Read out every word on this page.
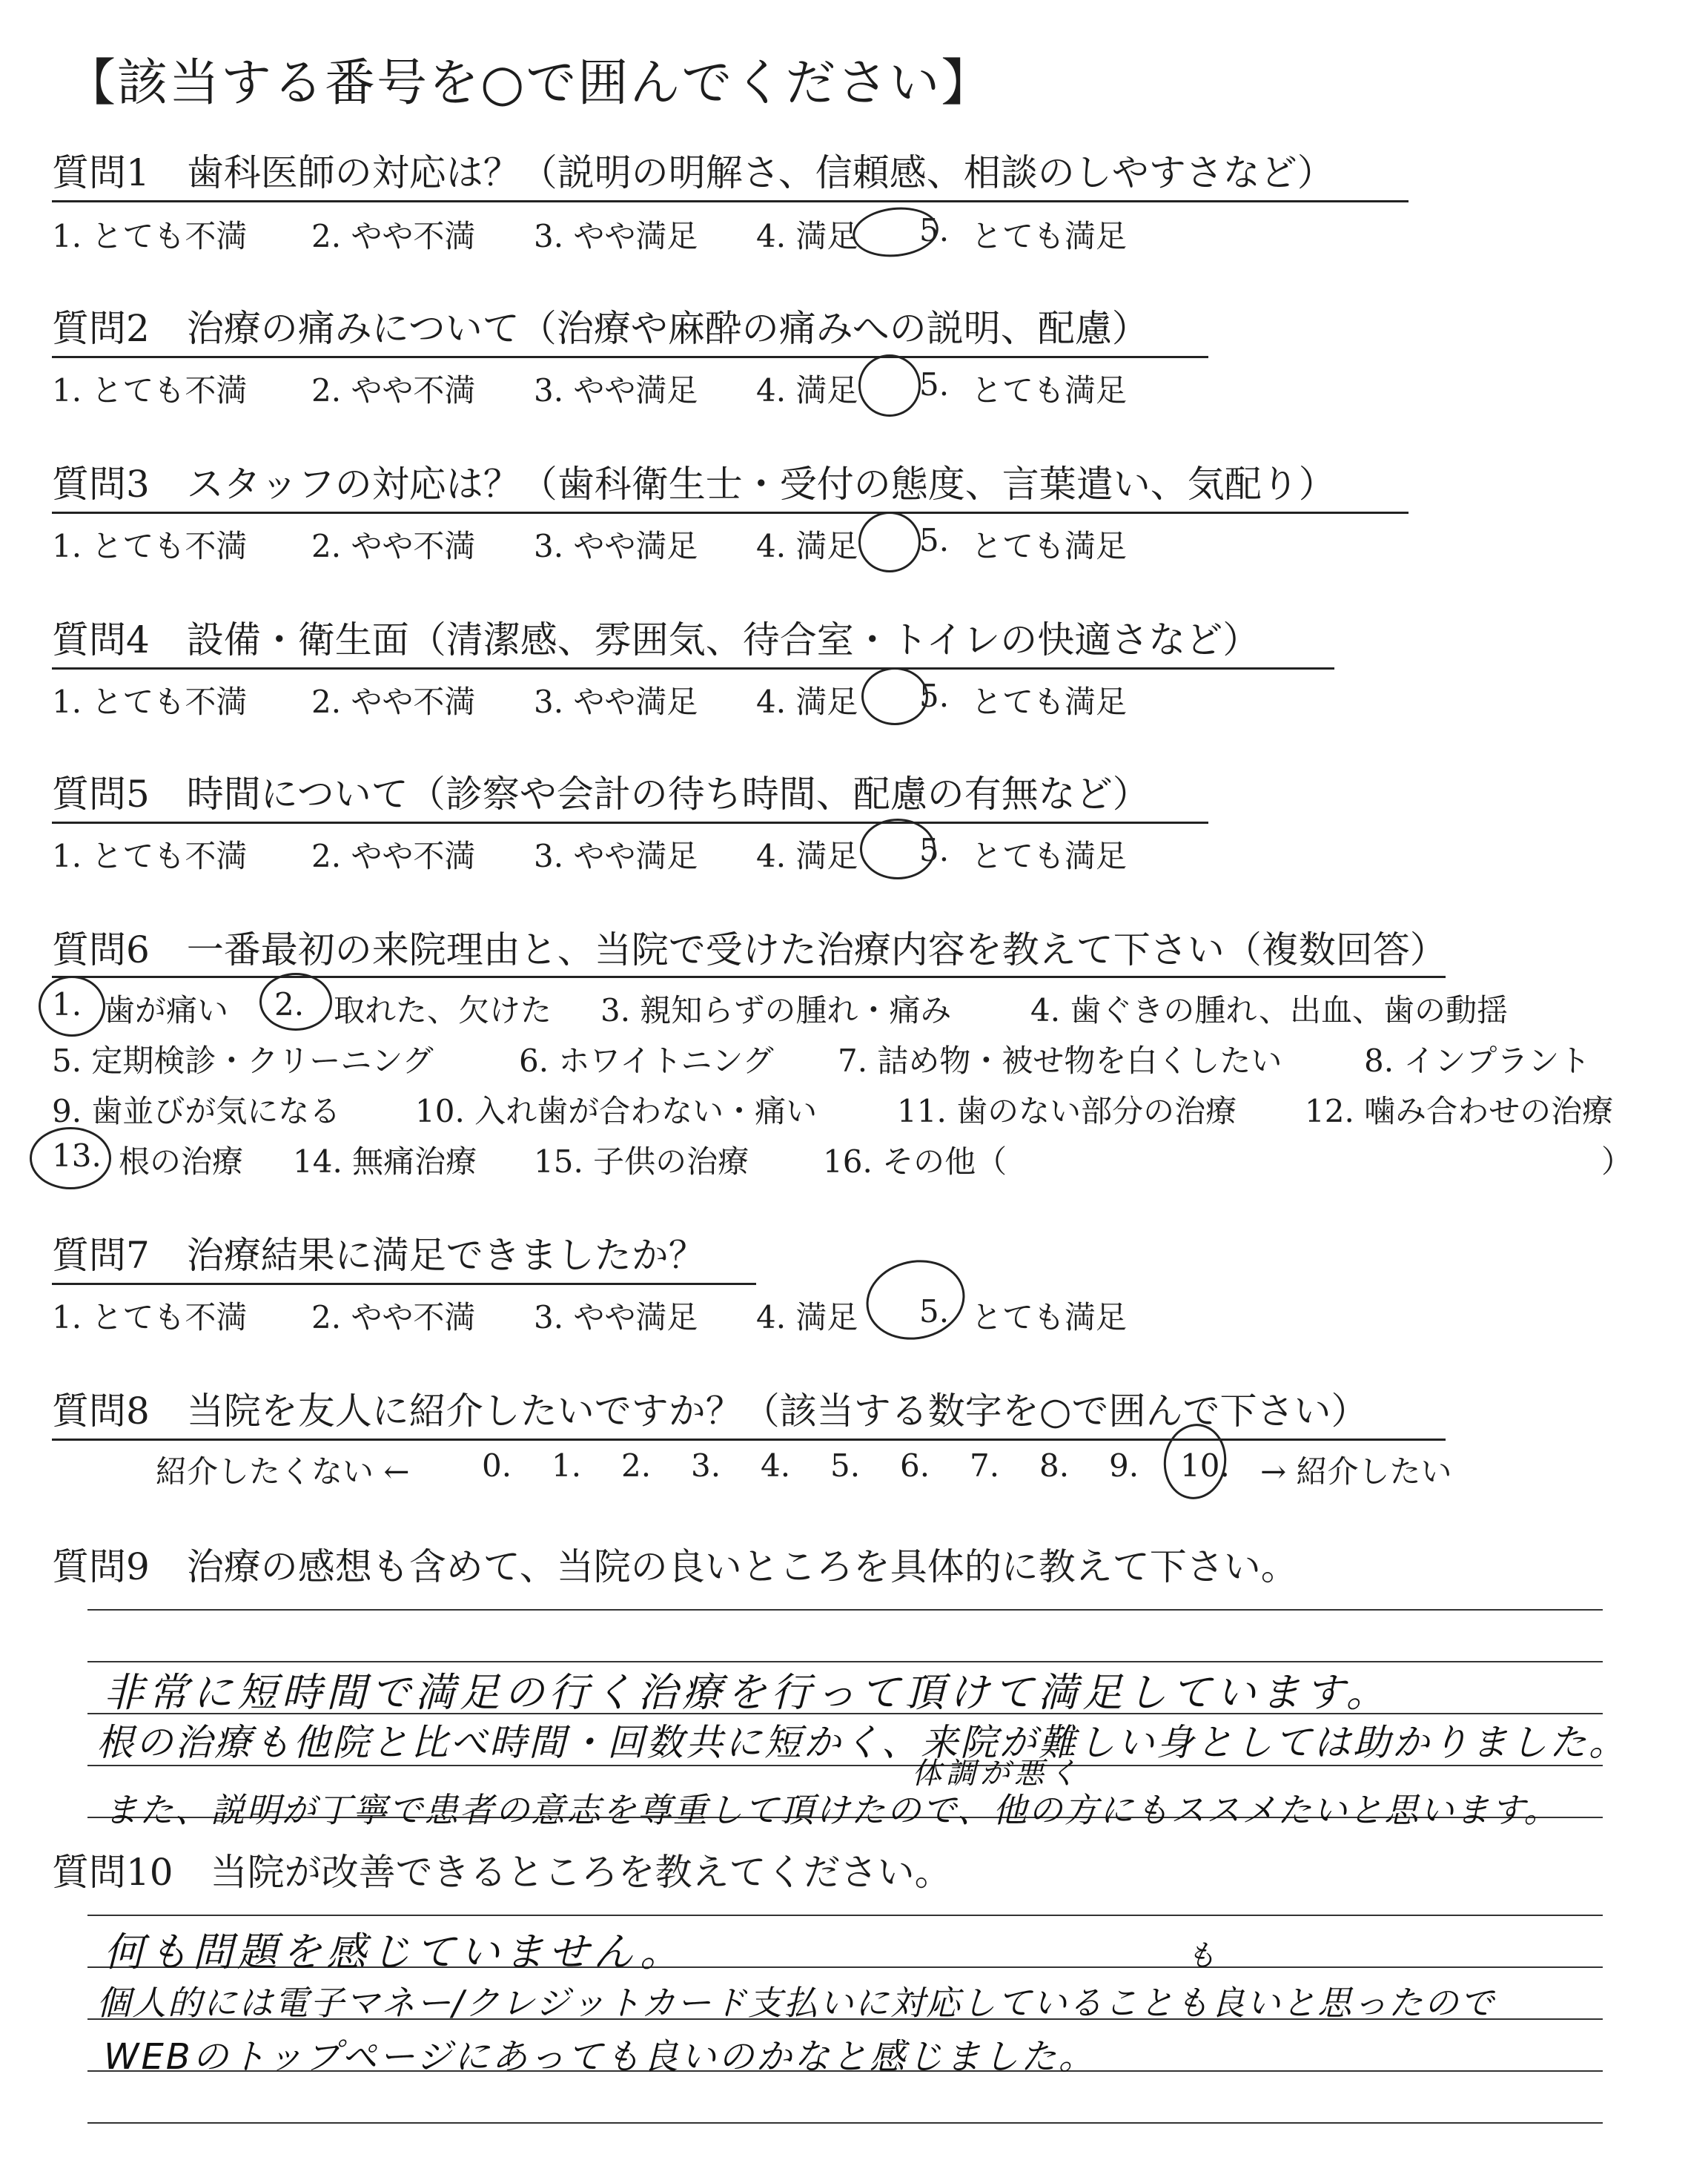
【該当する番号を○で囲んでください】
質問1　歯科医師の対応は？（説明の明解さ、信頼感、相談のしやすさなど）
1. とても不満 2. やや不満 3. やや満足 4. 満足 5. とても満足
質問2　治療の痛みについて（治療や麻酔の痛みへの説明、配慮）
1. とても不満 2. やや不満 3. やや満足 4. 満足 5. とても満足
質問3　スタッフの対応は？（歯科衛生士・受付の態度、言葉遣い、気配り）
1. とても不満 2. やや不満 3. やや満足 4. 満足 5. とても満足
質問4　設備・衛生面（清潔感、雰囲気、待合室・トイレの快適さなど）
1. とても不満 2. やや不満 3. やや満足 4. 満足 5. とても満足
質問5　時間について（診察や会計の待ち時間、配慮の有無など）
1. とても不満 2. やや不満 3. やや満足 4. 満足 5. とても満足
質問6　一番最初の来院理由と、当院で受けた治療内容を教えて下さい（複数回答）
1. 歯が痛い 2. 取れた、欠けた 3. 親知らずの腫れ・痛み	4. 歯ぐきの腫れ、出血、歯の動揺
5. 定期検診・クリーニング	6. ホワイトニング 7. 詰め物・被せ物を白くしたい	8. インプラント
9. 歯並びが気になる 10. 入れ歯が合わない・痛い	11. 歯のない部分の治療 12. 噛み合わせの治療
13. 根の治療 14. 無痛治療 15. 子供の治療 16. その他（	）
質問7　治療結果に満足できましたか？
1. とても不満 2. やや不満 3. やや満足 4. 満足 5. とても満足
質問8　当院を友人に紹介したいですか？（該当する数字を○で囲んで下さい）
紹介したくない ← 0. 1. 2. 3. 4. 5. 6. 7. 8. 9. 10. → 紹介したい
質問9　治療の感想も含めて、当院の良いところを具体的に教えて下さい。
非常に短時間で満足の行く治療を行って頂けて満足しています。
根の治療も他院と比べ時間・回数共に短かく、来院が難しい身としては助かりました。
体調が悪く
また、説明が丁寧で患者の意志を尊重して頂けたので、他の方にもススメたいと思います。
質問10　当院が改善できるところを教えてください。
何も問題を感じていません。	も
個人的には電子マネー/クレジットカード支払いに対応していることも良いと思ったので
WEBのトップページにあっても良いのかなと感じました。
